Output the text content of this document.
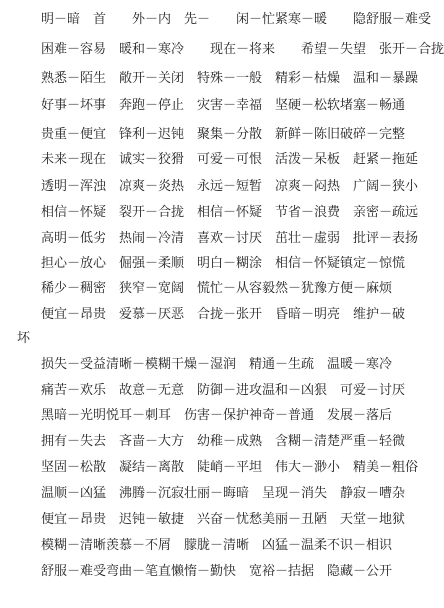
明－暗　首　　外－内　先－　　闲－忙紧寒－暖　　隐舒服－难受
困难－容易　暖和－寒冷　　现在－将来　　希望－失望　张开－合拢
熟悉－陌生　敞开－关闭　特殊－一般　精彩－枯燥　温和－暴躁
好事－坏事　奔跑－停止　灾害－幸福　坚硬－松软堵塞－畅通
贵重－便宜　锋利－迟钝　聚集－分散　新鲜－陈旧破碎－完整
未来－现在　诚实－狡猾　可爱－可恨　活泼－呆板　赶紧－拖延
透明－浑浊　凉爽－炎热　永远－短暂　凉爽－闷热　广阔－狭小
相信－怀疑　裂开－合拢　相信－怀疑　节省－浪费　亲密－疏远
高明－低劣　热闹－冷清　喜欢－讨厌　茁壮－虚弱　批评－表扬
担心－放心　倔强－柔顺　明白－糊涂　相信－怀疑镇定－惊慌
稀少－稠密　狭窄－宽阔　慌忙－从容毅然－犹豫方便－麻烦
便宜－昂贵　爱慕－厌恶　合拢－张开　昏暗－明亮　维护－破
坏
损失－受益清晰－模糊干燥－湿润　精通－生疏　温暖－寒冷
痛苦－欢乐　故意－无意　防御－进攻温和－凶狠　可爱－讨厌
黑暗－光明悦耳－刺耳　伤害－保护神奇－普通　发展－落后
拥有－失去　吝啬－大方　幼稚－成熟　含糊－清楚严重－轻微
坚固－松散　凝结－离散　陡峭－平坦　伟大－渺小　精美－粗俗
温顺－凶猛　沸腾－沉寂壮丽－晦暗　呈现－消失　静寂－嘈杂
便宜－昂贵　迟钝－敏捷　兴奋－忧愁美丽－丑陋　天堂－地狱
模糊－清晰羡慕－不屑　朦胧－清晰　凶猛－温柔不识－相识
舒服－难受弯曲－笔直懒惰－勤快　宽裕－拮据　隐藏－公开
